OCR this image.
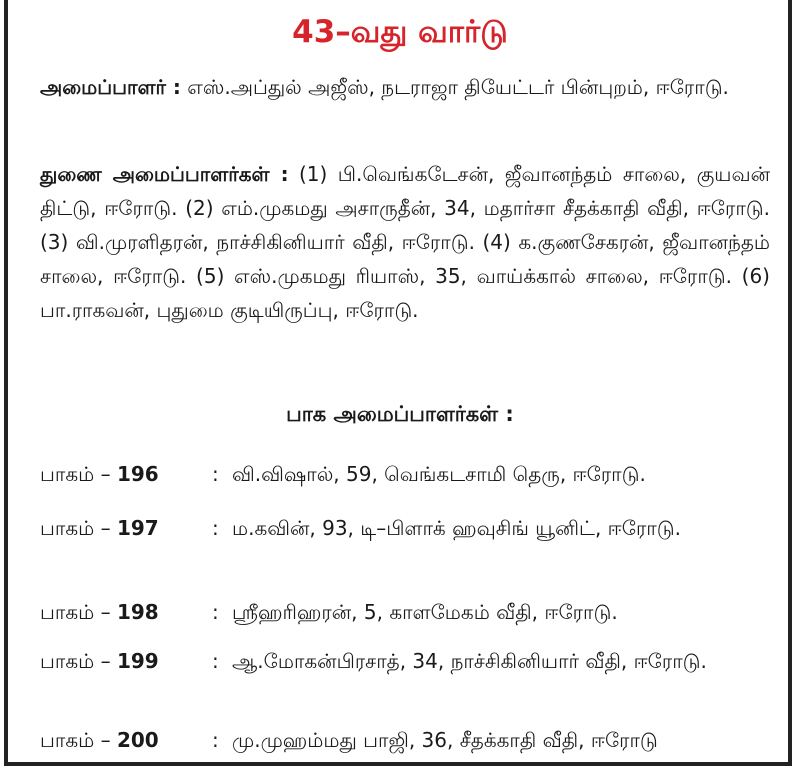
43–வது வார்டு
அமைப்பாளர் : எஸ்.அப்துல் அஜீஸ், நடராஜா தியேட்டர் பின்புறம், ஈரோடு.
துணை அமைப்பாளர்கள் : (1) பி.வெங்கடேசன், ஜீவானந்தம் சாலை, குயவன் திட்டு, ஈரோடு. (2) எம்.முகமது அசாருதீன், 34, மதார்சா சீதக்காதி வீதி, ஈரோடு. (3) வி.முரளிதரன், நாச்சிகினியார் வீதி, ஈரோடு. (4) க.குணசேகரன், ஜீவானந்தம் சாலை, ஈரோடு. (5) எஸ்.முகமது ரியாஸ், 35, வாய்க்கால் சாலை, ஈரோடு. (6) பா.ராகவன், புதுமை குடியிருப்பு, ஈரோடு.
பாக அமைப்பாளர்கள் :
பாகம் – 196	: வி.விஷால், 59, வெங்கடசாமி தெரு, ஈரோடு.
பாகம் – 197	: ம.கவின், 93, டி–பிளாக் ஹவுசிங் யூனிட், ஈரோடு.
பாகம் – 198	: ஸ்ரீஹரிஹரன், 5, காளமேகம் வீதி, ஈரோடு.
பாகம் – 199	: ஆ.மோகன்பிரசாத், 34, நாச்சிகினியார் வீதி, ஈரோடு.
பாகம் – 200	: மு.முஹம்மது பாஜி, 36, சீதக்காதி வீதி, ஈரோடு
